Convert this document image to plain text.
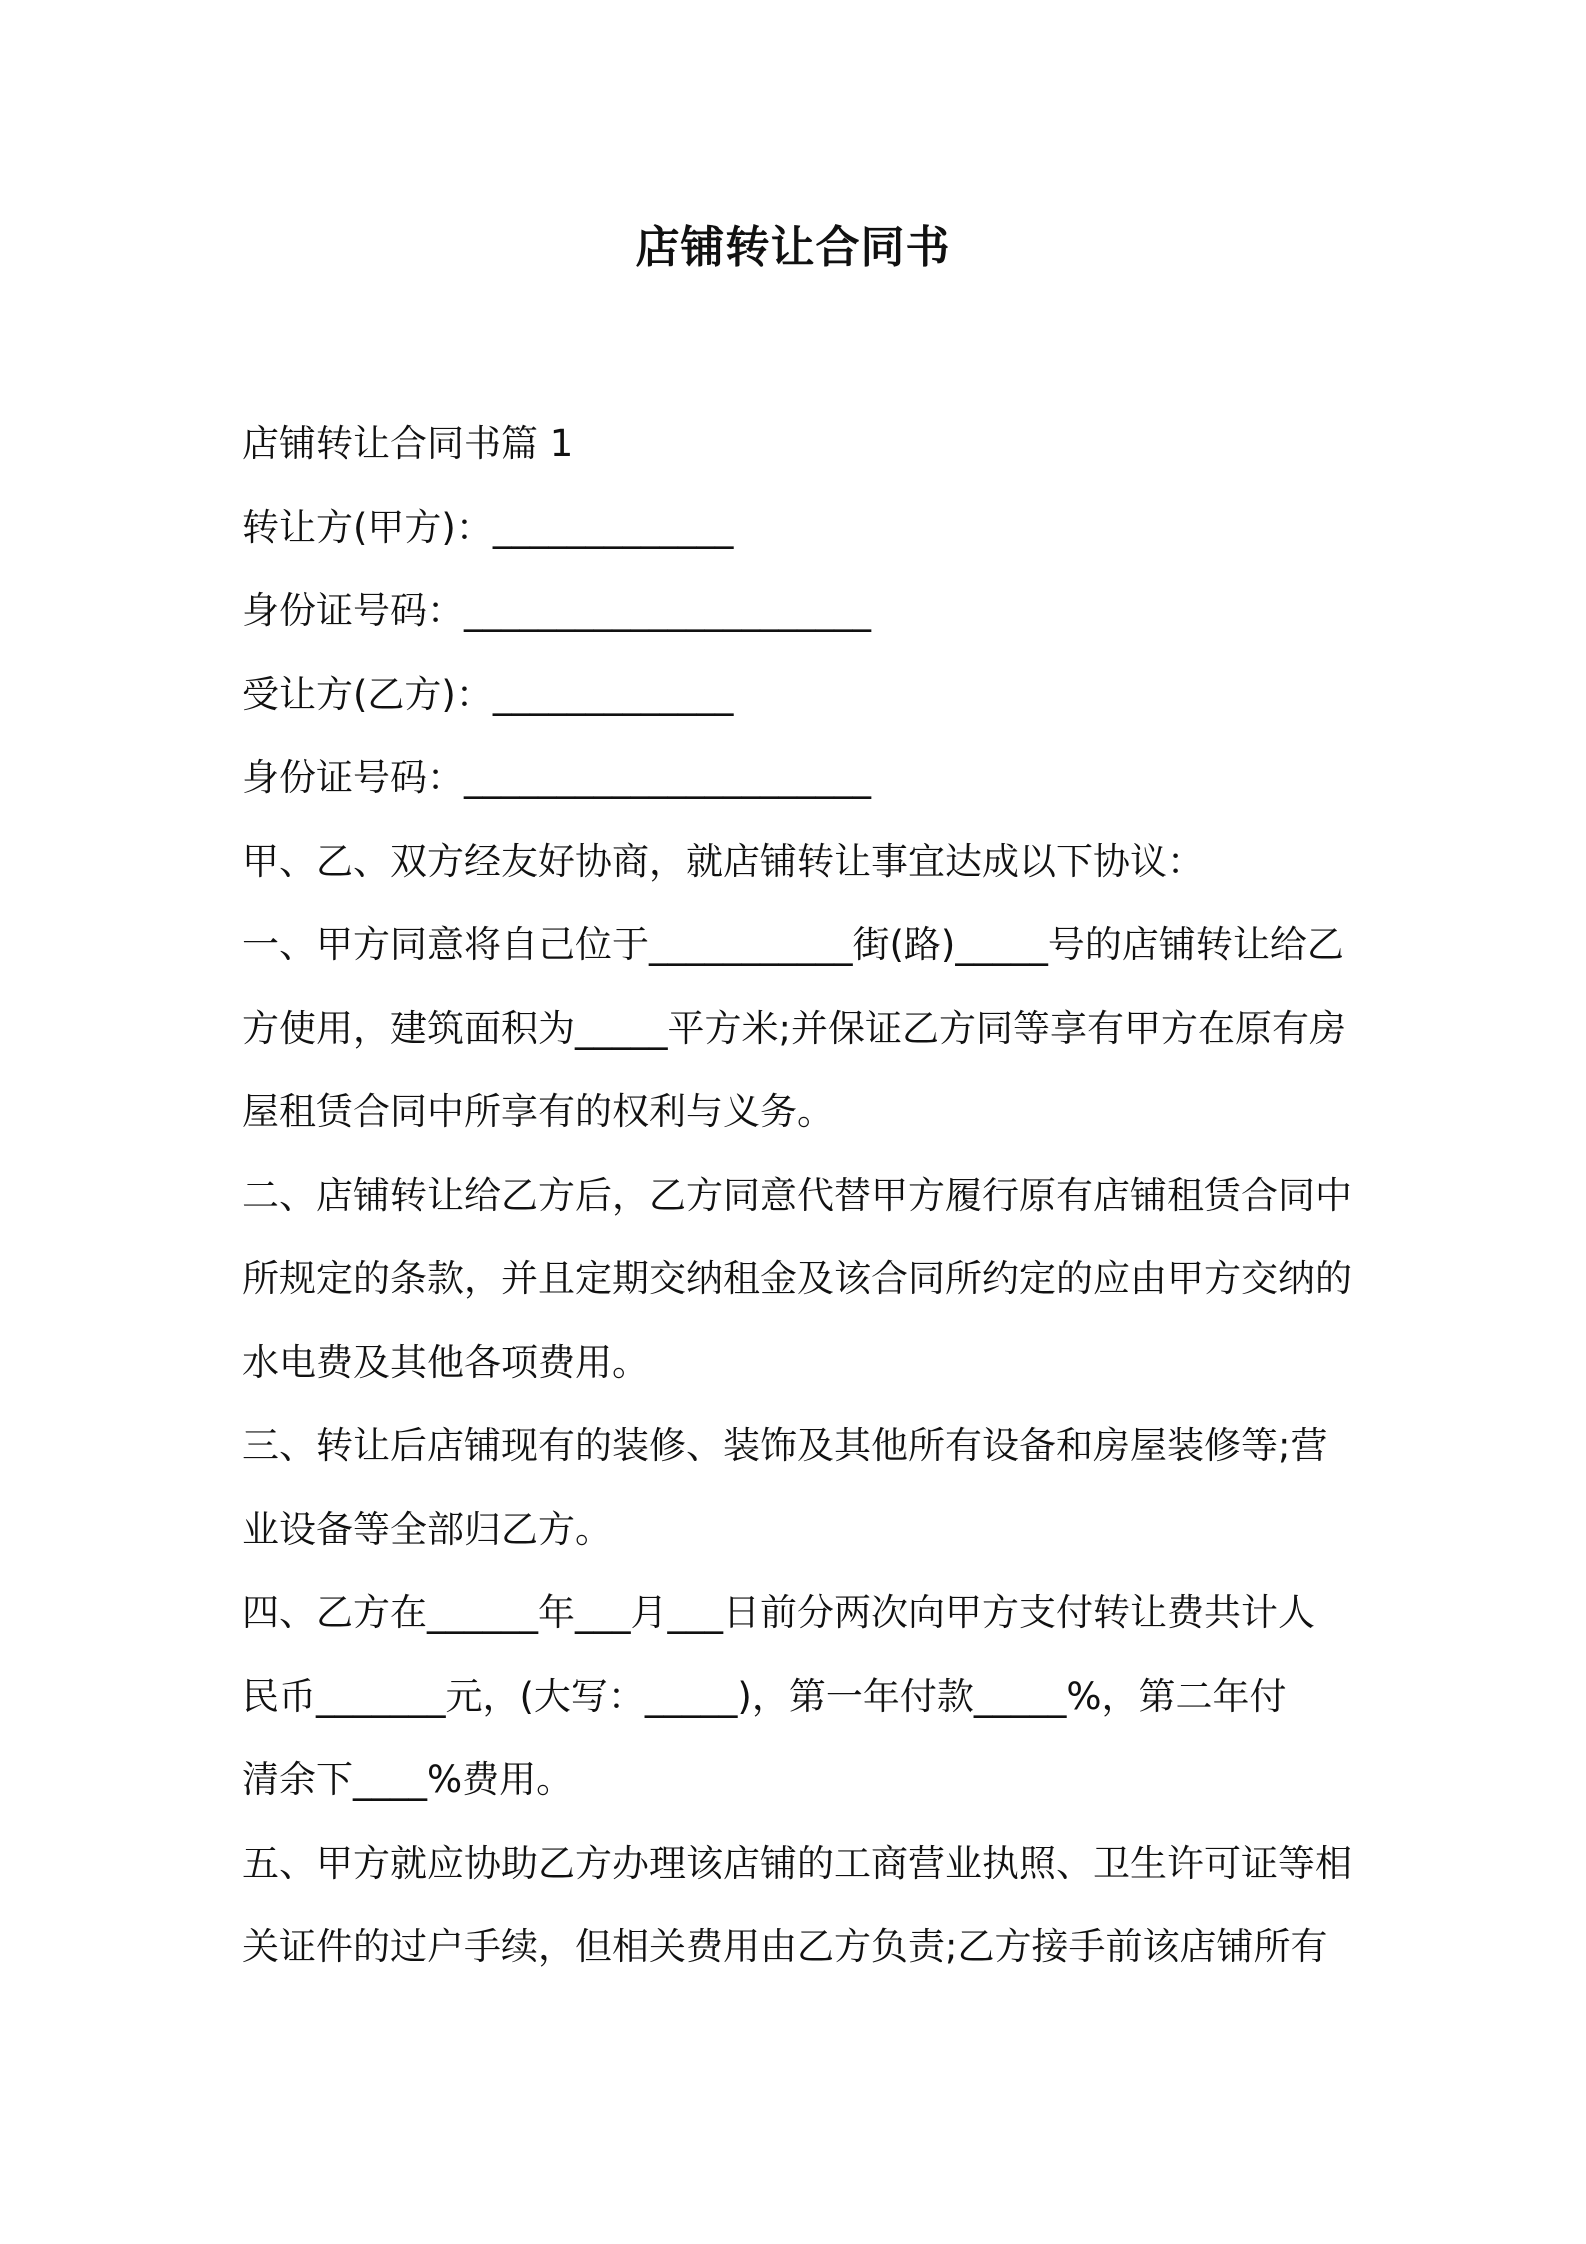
店铺转让合同书

店铺转让合同书篇 1

转让方(甲方)：_____________

身份证号码：______________________

受让方(乙方)：_____________

身份证号码：______________________

甲、乙、双方经友好协商，就店铺转让事宜达成以下协议：

一、甲方同意将自己位于___________街(路)_____号的店铺转让给乙

方使用，建筑面积为_____平方米;并保证乙方同等享有甲方在原有房

屋租赁合同中所享有的权利与义务。

二、店铺转让给乙方后，乙方同意代替甲方履行原有店铺租赁合同中

所规定的条款，并且定期交纳租金及该合同所约定的应由甲方交纳的

水电费及其他各项费用。

三、转让后店铺现有的装修、装饰及其他所有设备和房屋装修等;营

业设备等全部归乙方。

四、乙方在______年___月___日前分两次向甲方支付转让费共计人

民币_______元，(大写：_____)，第一年付款_____%，第二年付

清余下____%费用。

五、甲方就应协助乙方办理该店铺的工商营业执照、卫生许可证等相

关证件的过户手续，但相关费用由乙方负责;乙方接手前该店铺所有
